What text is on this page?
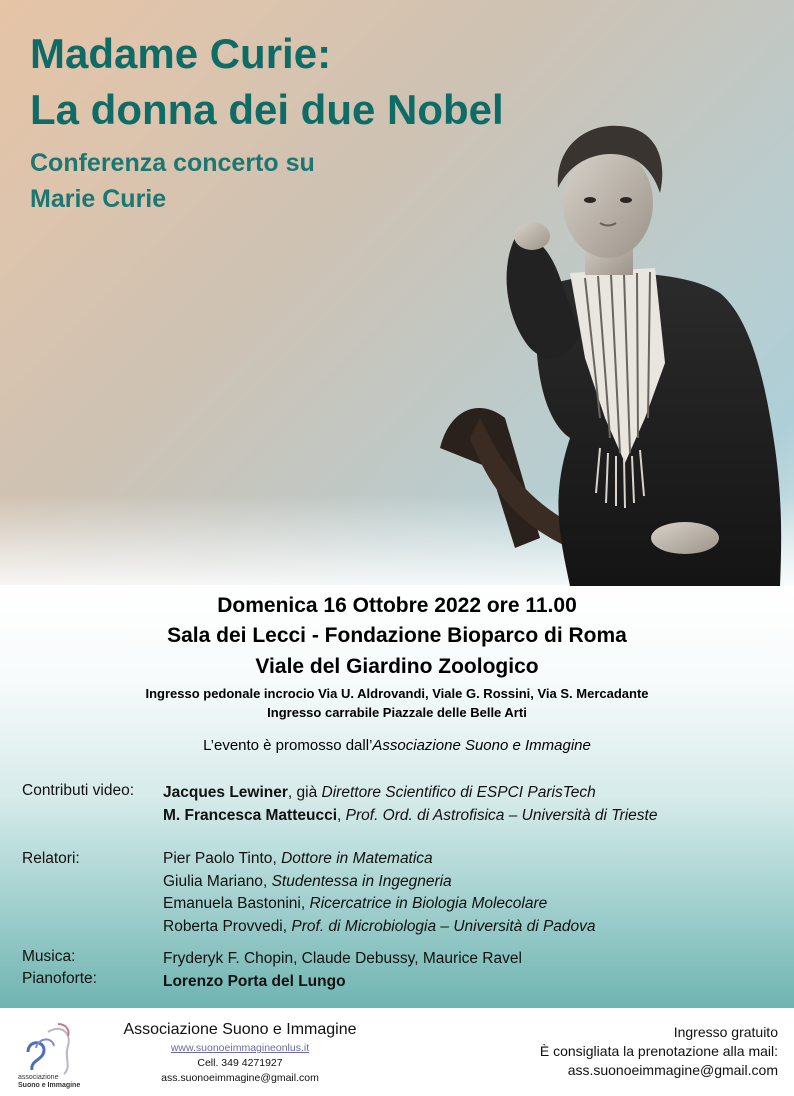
Madame Curie:
La donna dei due Nobel
Conferenza concerto su
Marie Curie
Domenica 16 Ottobre 2022 ore 11.00
Sala dei Lecci - Fondazione Bioparco di Roma
Viale del Giardino Zoologico
Ingresso pedonale incrocio Via U. Aldrovandi, Viale G. Rossini, Via S. Mercadante
Ingresso carrabile Piazzale delle Belle Arti
L’evento è promosso dall’Associazione Suono e Immagine
Contributi video: Jacques Lewiner, già Direttore Scientifico di ESPCI ParisTech
M. Francesca Matteucci, Prof. Ord. di Astrofisica – Università di Trieste
Relatori:	Pier Paolo Tinto, Dottore in Matematica
Giulia Mariano, Studentessa in Ingegneria
Emanuela Bastonini, Ricercatrice in Biologia Molecolare
Roberta Provvedi, Prof. di Microbiologia – Università di Padova
Musica:	Fryderyk F. Chopin, Claude Debussy, Maurice Ravel
Pianoforte:	Lorenzo Porta del Lungo
associazione
Suono e Immagine
Associazione Suono e Immagine
www.suonoeimmagineonlus.it
Cell. 349 4271927
ass.suonoeimmagine@gmail.com
Ingresso gratuito
È consigliata la prenotazione alla mail:
ass.suonoeimmagine@gmail.com
